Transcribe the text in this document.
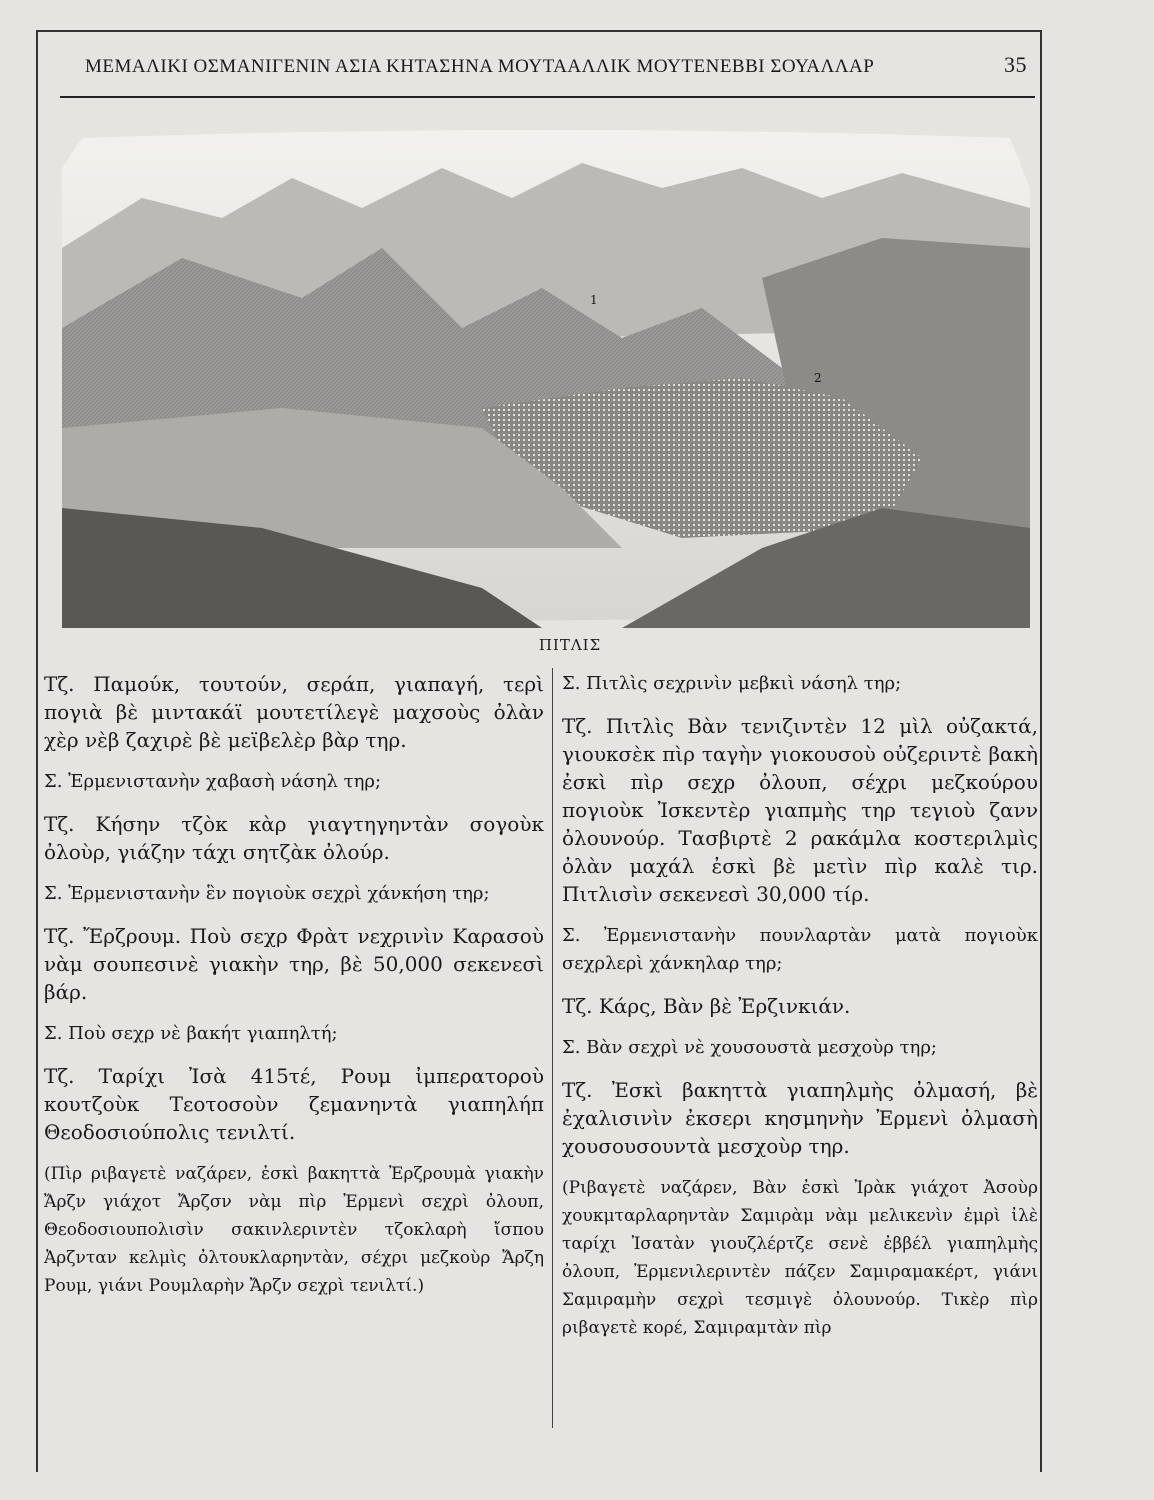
ΜΕΜΑΛΙΚΙ ΟΣΜΑΝΙΓΕΝΙΝ ΑΣΙΑ ΚΗΤΑΣΗΝΑ ΜΟΥΤΑΑΛΛΙΚ ΜΟΥΤΕΝΕΒΒΙ ΣΟΥΑΛΛΑΡ	35
1
2
ΠΙΤΛΙΣ

Τζ. Παμούκ, τουτούν, σεράπ, γιαπαγή, τερὶ πογιὰ βὲ μινταкάϊ μουτετίλεγὲ μαχσοὺς ὀλὰν χὲρ νὲβ ζαχιρὲ βὲ μεϊβελὲρ βὰρ τηρ.

Σ. Ἐρμενιστανὴν χαβασὴ νάσηλ τηρ;

Τζ. Κήσην τζὸκ κὰρ γιαγτηγηντὰν σογοὺκ ὀλοὺρ, γιάζην τάχι σητζὰκ ὀλούρ.

Σ. Ἐρμενιστανὴν ἓν πογιοὺκ σεχρὶ χάνκήση τηρ;

Τζ. Ἔρζρουμ. Ποὺ σεχρ Φρὰτ νεχρινὶν Καρασοὺ νὰμ σουπεσινὲ γιακὴν τηρ, βὲ 50,000 σεκενεσὶ βάρ.

Σ. Ποὺ σεχρ νὲ βακήτ γιαπηλτή;

Τζ. Ταρίχι Ἰσὰ 415τέ, Ρουμ ἰμπερατοροὺ κουτζοὺκ Τεοτοσοὺν ζεμανηντὰ γιαπηλήπ Θεοδοσιούπολις τενιλτί.

(Πὶρ ριβαγετὲ ναζάρεν, ἐσκὶ βακηττὰ Ἐρζρουμὰ γιακὴν Ἄρζν γιάχοτ Ἄρζσν νὰμ πὶρ Ἐρμενὶ σεχρὶ ὀλουπ, Θεοδοσιουπολισὶν σακινλεριντὲν τζοκλαρὴ ἴσπου Ἀρζνταν κελμὶς ὀλτουκλαρηντὰν, σέχρι μεζκοὺρ Ἄρζη Ρουμ, γιάνι Ρουμλαρὴν Ἄρζν σεχρὶ τενιλτί.)

Σ. Πιτλὶς σεχρινὶν μεβκιὶ νάσηλ τηρ;

Τζ. Πιτλὶς Βὰν τενιζιντὲν 12 μὶλ οὐζακτά, γιουκσὲκ πὶρ ταγὴν γιοκουσοὺ οὐζεριντὲ βακὴ ἐσκὶ πὶρ σεχρ ὀλουπ, σέχρι μεζκούρου πογιοὺκ Ἰσκεντὲρ γιαπμὴς τηρ τεγιοὺ ζανν ὀλουνούρ. Τασβιρτὲ 2 ρακάμλα κοστεριλμὶς ὀλὰν μαχάλ ἐσκὶ βὲ μετὶν πὶρ καλὲ τιρ. Πιτλισὶν σεκενεσὶ 30,000 τίρ.

Σ. Ἐρμενιστανὴν πουνλαρτὰν ματὰ πογιοὺκ σεχρλερὶ χάνκηλαρ τηρ;

Τζ. Κάρς, Βὰν βὲ Ἐρζινκιάν.

Σ. Βὰν σεχρὶ νὲ χουσουστὰ μεσχοὺρ τηρ;

Τζ. Ἐσκὶ βακηττὰ γιαπηλμὴς ὀλμασή, βὲ ἐχαλισινὶν ἐκσερι κησμηνὴν Ἐρμενὶ ὀλμασὴ χουσουσουντὰ μεσχοὺρ τηρ.

(Ριβαγετὲ ναζάρεν, Βὰν ἐσκὶ Ἰρὰκ γιάχοτ Ἀσοὺρ χουκμταρλαρηντὰν Σαμιρὰμ νὰμ μελικενὶν ἐμρὶ ἰλὲ ταρίχι Ἰσατὰν γιουζλέρτζε σενὲ ἐββέλ γιαπηλμὴς ὀλουπ, Ἐρμενιλεριντὲν πάζεν Σαμιραμακέρτ, γιάνι Σαμιραμὴν σεχρὶ τεσμιγὲ ὀλουνούρ. Τικὲρ πὶρ ριβαγετὲ κορέ, Σαμιραμτὰν πὶρ
